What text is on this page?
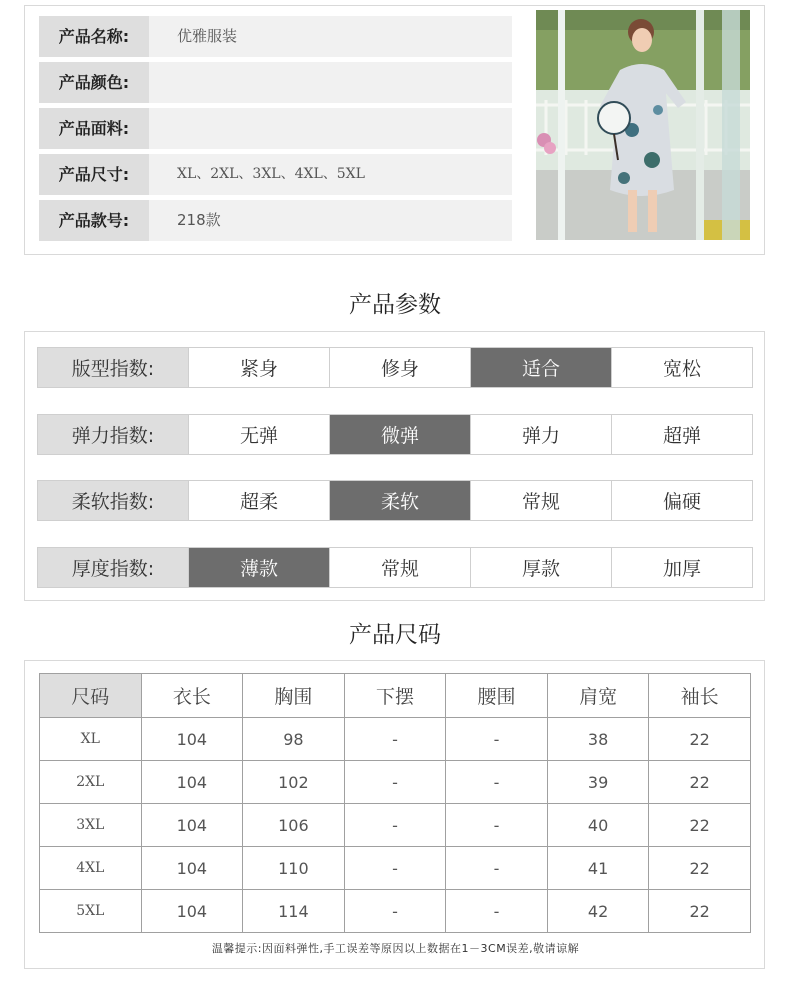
产品名称:	优雅服装
产品颜色:
产品面料:
产品尺寸:	XL、2XL、3XL、4XL、5XL
产品款号:	218款
产品参数
版型指数:	紧身	修身	适合	宽松
弹力指数:	无弹	微弹	弹力	超弹
柔软指数:	超柔	柔软	常规	偏硬
厚度指数:	薄款	常规	厚款	加厚
产品尺码
尺码	衣长	胸围	下摆	腰围	肩宽	袖长
XL	104	98	-	-	38	22
2XL	104	102	-	-	39	22
3XL	104	106	-	-	40	22
4XL	104	110	-	-	41	22
5XL	104	114	-	-	42	22
温馨提示:因面料弹性,手工误差等原因以上数据在1－3CM误差,敬请谅解
